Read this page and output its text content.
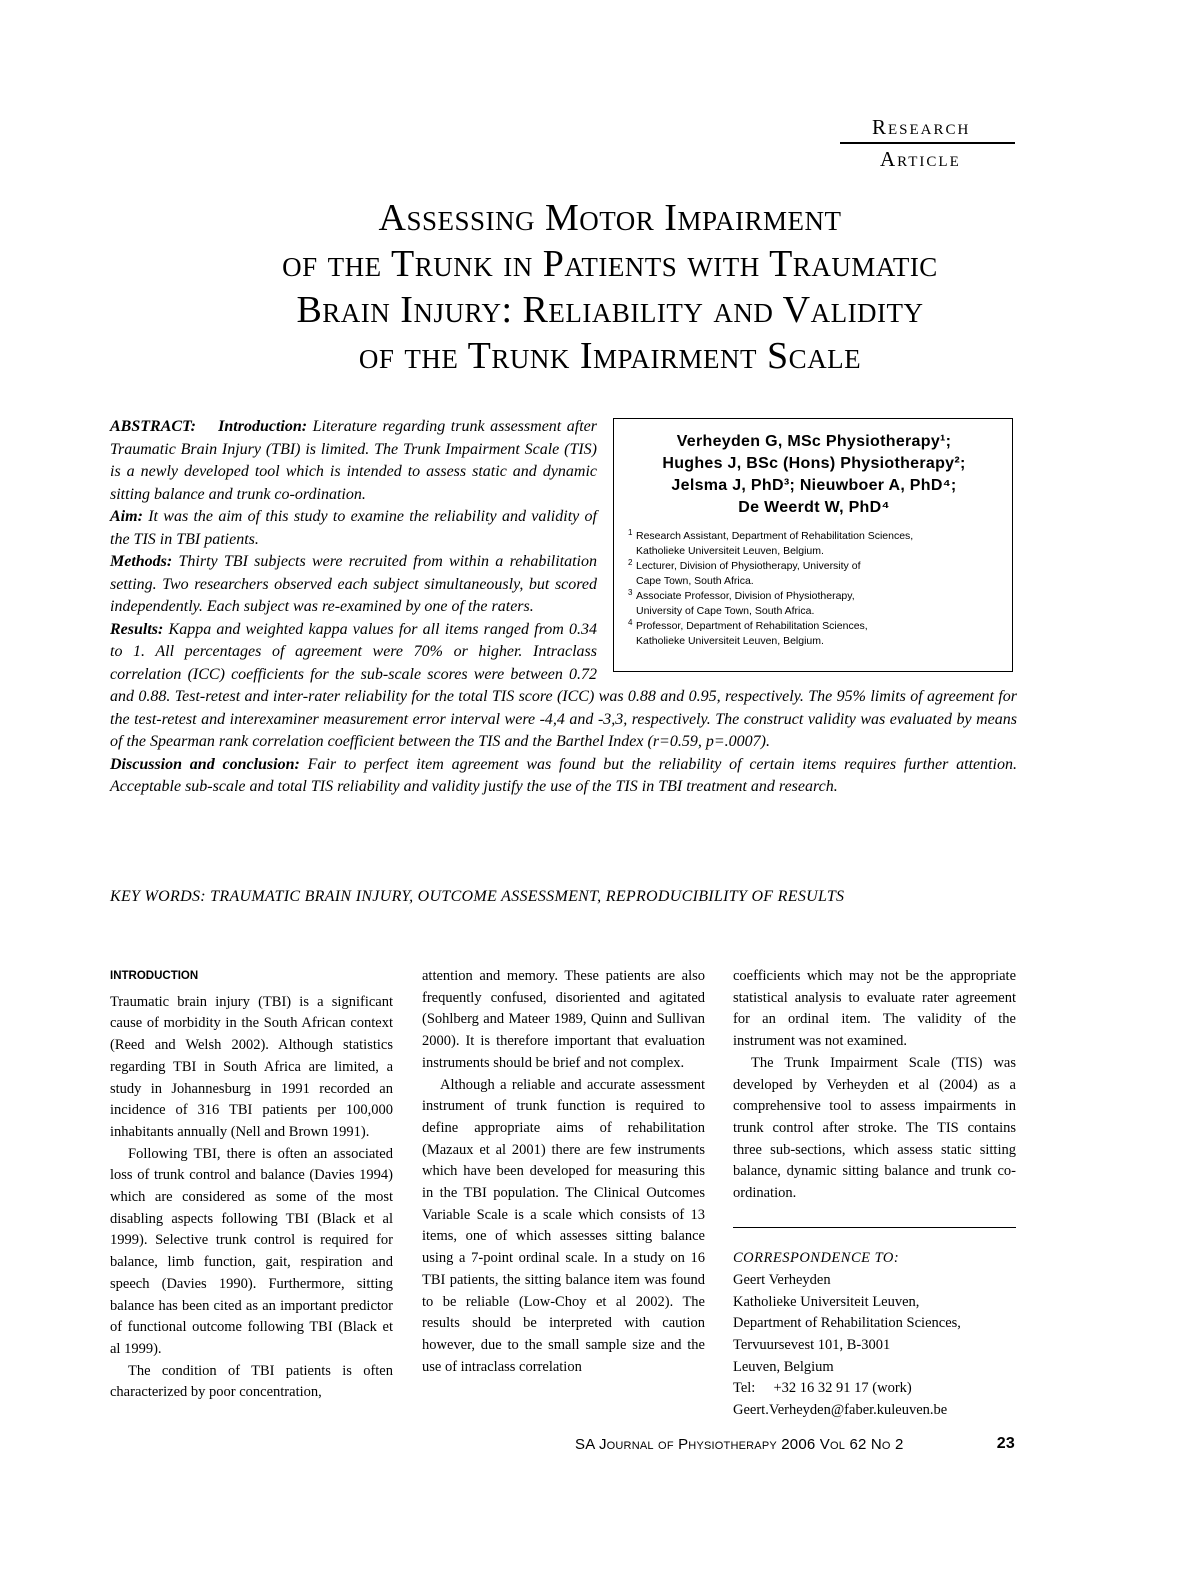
Research
Article
Assessing Motor Impairment
of the Trunk in Patients with Traumatic
Brain Injury: Reliability and Validity
of the Trunk Impairment Scale

ABSTRACT: Introduction: Literature regarding trunk assessment after Traumatic Brain Injury (TBI) is limited. The Trunk Impairment Scale (TIS) is a newly developed tool which is intended to assess static and dynamic sitting balance and trunk co-ordination.

Aim: It was the aim of this study to examine the reliability and validity of the TIS in TBI patients.

Methods: Thirty TBI subjects were recruited from within a rehabilitation setting. Two researchers observed each subject simultaneously, but scored independently. Each subject was re-examined by one of the raters.

Results: Kappa and weighted kappa values for all items ranged from 0.34 to 1. All percentages of agreement were 70% or higher. Intraclass correlation (ICC) coefficients for the sub-scale scores were between 0.72 and 0.88. Test-retest and inter-rater reliability for the total TIS score (ICC) was 0.88 and 0.95, respectively. The 95% limits of agreement for the test-retest and interexaminer measurement error interval were -4,4 and -3,3, respectively. The construct validity was evaluated by means of the Spearman rank correlation coefficient between the TIS and the Barthel Index (r=0.59, p=.0007).

Discussion and conclusion: Fair to perfect item agreement was found but the reliability of certain items requires further attention. Acceptable sub-scale and total TIS reliability and validity justify the use of the TIS in TBI treatment and research.

Verheyden G, MSc Physiotherapy¹;
Hughes J, BSc (Hons) Physiotherapy²;
Jelsma J, PhD³; Nieuwboer A, PhD⁴;
De Weerdt W, PhD⁴
1 Research Assistant, Department of Rehabilitation Sciences,
Katholieke Universiteit Leuven, Belgium.
2 Lecturer, Division of Physiotherapy, University of
Cape Town, South Africa.
3 Associate Professor, Division of Physiotherapy,
University of Cape Town, South Africa.
4 Professor, Department of Rehabilitation Sciences,
Katholieke Universiteit Leuven, Belgium.
KEY WORDS: TRAUMATIC BRAIN INJURY, OUTCOME ASSESSMENT, REPRODUCIBILITY OF RESULTS
INTRODUCTION

Traumatic brain injury (TBI) is a significant cause of morbidity in the South African context (Reed and Welsh 2002). Although statistics regarding TBI in South Africa are limited, a study in Johannesburg in 1991 recorded an incidence of 316 TBI patients per 100,000 inhabitants annually (Nell and Brown 1991).

Following TBI, there is often an associated loss of trunk control and balance (Davies 1994) which are considered as some of the most disabling aspects following TBI (Black et al 1999). Selective trunk control is required for balance, limb function, gait, respiration and speech (Davies 1990). Furthermore, sitting balance has been cited as an important predictor of functional outcome following TBI (Black et al 1999).

The condition of TBI patients is often characterized by poor concentration,

attention and memory. These patients are also frequently confused, disoriented and agitated (Sohlberg and Mateer 1989, Quinn and Sullivan 2000). It is therefore important that evaluation instruments should be brief and not complex.

Although a reliable and accurate assessment instrument of trunk function is required to define appropriate aims of rehabilitation (Mazaux et al 2001) there are few instruments which have been developed for measuring this in the TBI population. The Clinical Outcomes Variable Scale is a scale which consists of 13 items, one of which assesses sitting balance using a 7-point ordinal scale. In a study on 16 TBI patients, the sitting balance item was found to be reliable (Low-Choy et al 2002). The results should be interpreted with caution however, due to the small sample size and the use of intraclass correlation

coefficients which may not be the appropriate statistical analysis to evaluate rater agreement for an ordinal item. The validity of the instrument was not examined.

The Trunk Impairment Scale (TIS) was developed by Verheyden et al (2004) as a comprehensive tool to assess impairments in trunk control after stroke. The TIS contains three sub-sections, which assess static sitting balance, dynamic sitting balance and trunk co-ordination.

CORRESPONDENCE TO:
Geert Verheyden
Katholieke Universiteit Leuven,
Department of Rehabilitation Sciences,
Tervuursevest 101, B-3001
Leuven, Belgium
Tel:     +32 16 32 91 17 (work)
Geert.Verheyden@faber.kuleuven.be
SA Journal of Physiotherapy 2006 Vol 62 No 2	23
